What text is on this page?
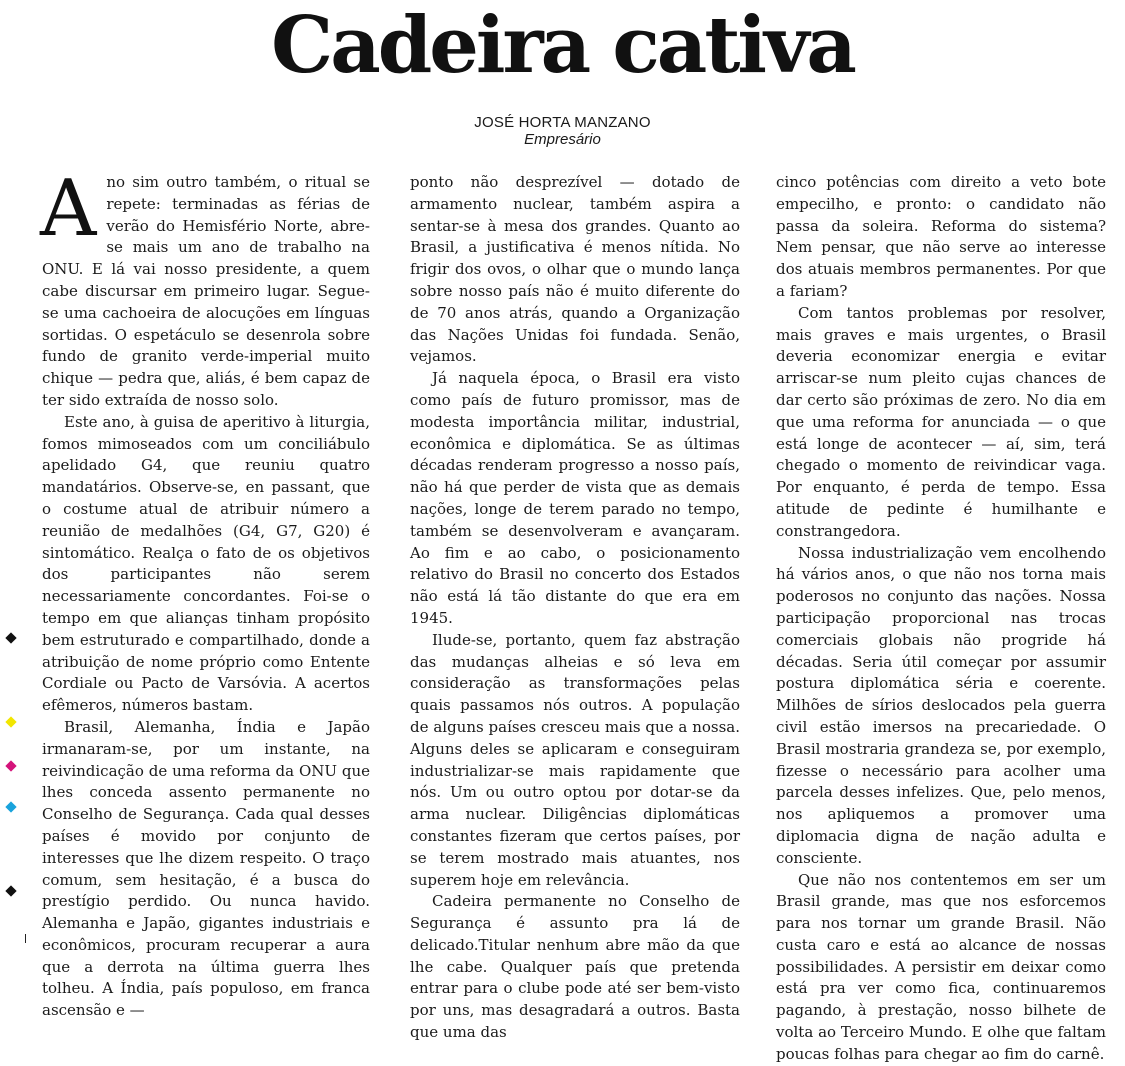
Cadeira cativa
JOSÉ HORTA MANZANO
Empresário

Ano sim outro também, o ritual se repete: terminadas as férias de verão do Hemisfério Norte, abre-se mais um ano de trabalho na ONU. E lá vai nosso presidente, a quem cabe discursar em primeiro lugar. Segue-se uma cachoeira de alocuções em línguas sortidas. O espetáculo se desenrola sobre fundo de granito verde-imperial muito chique — pedra que, aliás, é bem capaz de ter sido extraída de nosso solo.

Este ano, à guisa de aperitivo à liturgia, fomos mimoseados com um conciliábulo apelidado G4, que reuniu quatro mandatários. Observe-se, en passant, que o costume atual de atribuir número a reunião de medalhões (G4, G7, G20) é sintomático. Realça o fato de os objetivos dos participantes não serem necessariamente concordantes. Foi-se o tempo em que alianças tinham propósito bem estruturado e compartilhado, donde a atribuição de nome próprio como Entente Cordiale ou Pacto de Varsóvia. A acertos efêmeros, números bastam.

Brasil, Alemanha, Índia e Japão irmanaram-se, por um instante, na reivindicação de uma reforma da ONU que lhes conceda assento permanente no Conselho de Segurança. Cada qual desses países é movido por conjunto de interesses que lhe dizem respeito. O traço comum, sem hesitação, é a busca do prestígio perdido. Ou nunca havido. Alemanha e Japão, gigantes industriais e econômicos, procuram recuperar a aura que a derrota na última guerra lhes tolheu. A Índia, país populoso, em franca ascensão e —

ponto não desprezível — dotado de armamento nuclear, também aspira a sentar-se à mesa dos grandes. Quanto ao Brasil, a justificativa é menos nítida. No frigir dos ovos, o olhar que o mundo lança sobre nosso país não é muito diferente do de 70 anos atrás, quando a Organização das Nações Unidas foi fundada. Senão, vejamos.

Já naquela época, o Brasil era visto como país de futuro promissor, mas de modesta importância militar, industrial, econômica e diplomática. Se as últimas décadas renderam progresso a nosso país, não há que perder de vista que as demais nações, longe de terem parado no tempo, também se desenvolveram e avançaram. Ao fim e ao cabo, o posicionamento relativo do Brasil no concerto dos Estados não está lá tão distante do que era em 1945.

Ilude-se, portanto, quem faz abstração das mudanças alheias e só leva em consideração as transformações pelas quais passamos nós outros. A população de alguns países cresceu mais que a nossa. Alguns deles se aplicaram e conseguiram industrializar-se mais rapidamente que nós. Um ou outro optou por dotar-se da arma nuclear. Diligências diplomáticas constantes fizeram que certos países, por se terem mostrado mais atuantes, nos superem hoje em relevância.

Cadeira permanente no Conselho de Segurança é assunto pra lá de delicado.Titular nenhum abre mão da que lhe cabe. Qualquer país que pretenda entrar para o clube pode até ser bem-visto por uns, mas desagradará a outros. Basta que uma das

cinco potências com direito a veto bote empecilho, e pronto: o candidato não passa da soleira. Reforma do sistema? Nem pensar, que não serve ao interesse dos atuais membros permanentes. Por que a fariam?

Com tantos problemas por resolver, mais graves e mais urgentes, o Brasil deveria economizar energia e evitar arriscar-se num pleito cujas chances de dar certo são próximas de zero. No dia em que uma reforma for anunciada — o que está longe de acontecer — aí, sim, terá chegado o momento de reivindicar vaga. Por enquanto, é perda de tempo. Essa atitude de pedinte é humilhante e constrangedora.

Nossa industrialização vem encolhendo há vários anos, o que não nos torna mais poderosos no conjunto das nações. Nossa participação proporcional nas trocas comerciais globais não progride há décadas. Seria útil começar por assumir postura diplomática séria e coerente. Milhões de sírios deslocados pela guerra civil estão imersos na precariedade. O Brasil mostraria grandeza se, por exemplo, fizesse o necessário para acolher uma parcela desses infelizes. Que, pelo menos, nos apliquemos a promover uma diplomacia digna de nação adulta e consciente.

Que não nos contentemos em ser um Brasil grande, mas que nos esforcemos para nos tornar um grande Brasil. Não custa caro e está ao alcance de nossas possibilidades. A persistir em deixar como está pra ver como fica, continuaremos pagando, à prestação, nosso bilhete de volta ao Terceiro Mundo. E olhe que faltam poucas folhas para chegar ao fim do carnê.
